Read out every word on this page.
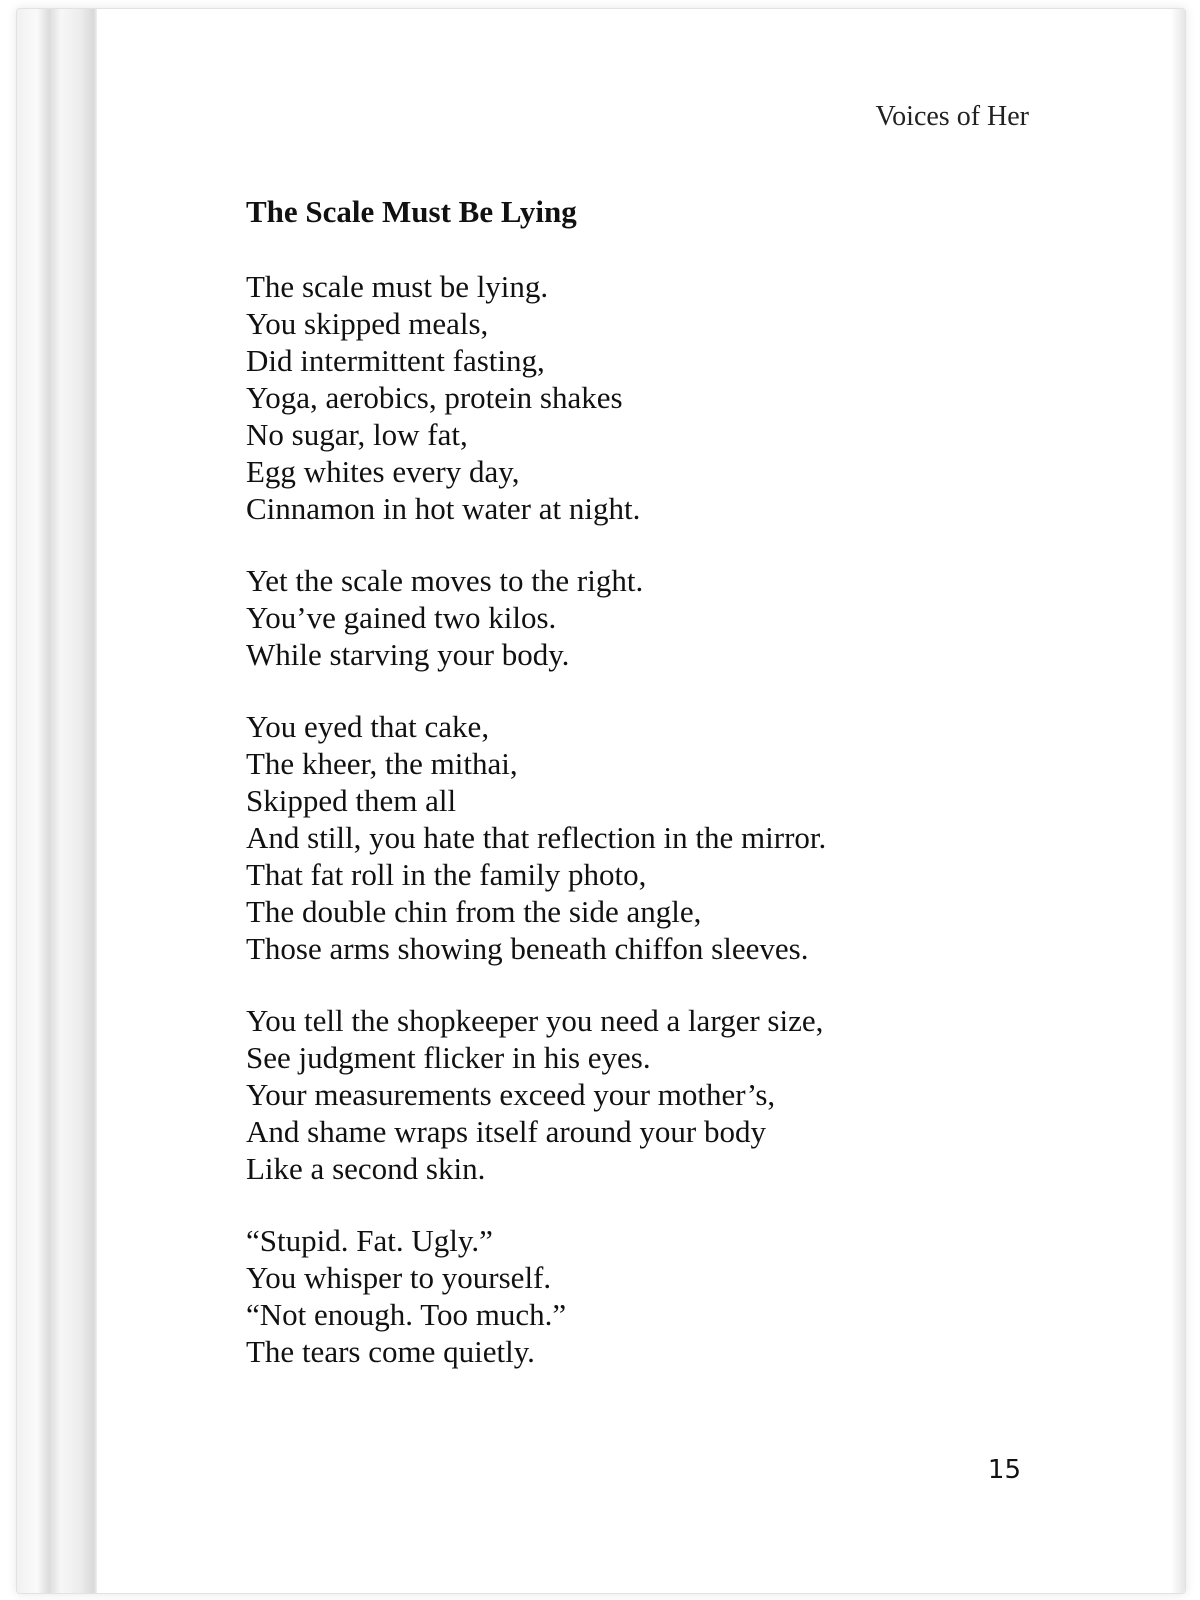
Voices of Her
The Scale Must Be Lying
The scale must be lying.
You skipped meals,
Did intermittent fasting,
Yoga, aerobics, protein shakes
No sugar, low fat,
Egg whites every day,
Cinnamon in hot water at night.
Yet the scale moves to the right.
You’ve gained two kilos.
While starving your body.
You eyed that cake,
The kheer, the mithai,
Skipped them all
And still, you hate that reflection in the mirror.
That fat roll in the family photo,
The double chin from the side angle,
Those arms showing beneath chiffon sleeves.
You tell the shopkeeper you need a larger size,
See judgment flicker in his eyes.
Your measurements exceed your mother’s,
And shame wraps itself around your body
Like a second skin.
“Stupid. Fat. Ugly.”
You whisper to yourself.
“Not enough. Too much.”
The tears come quietly.
15
